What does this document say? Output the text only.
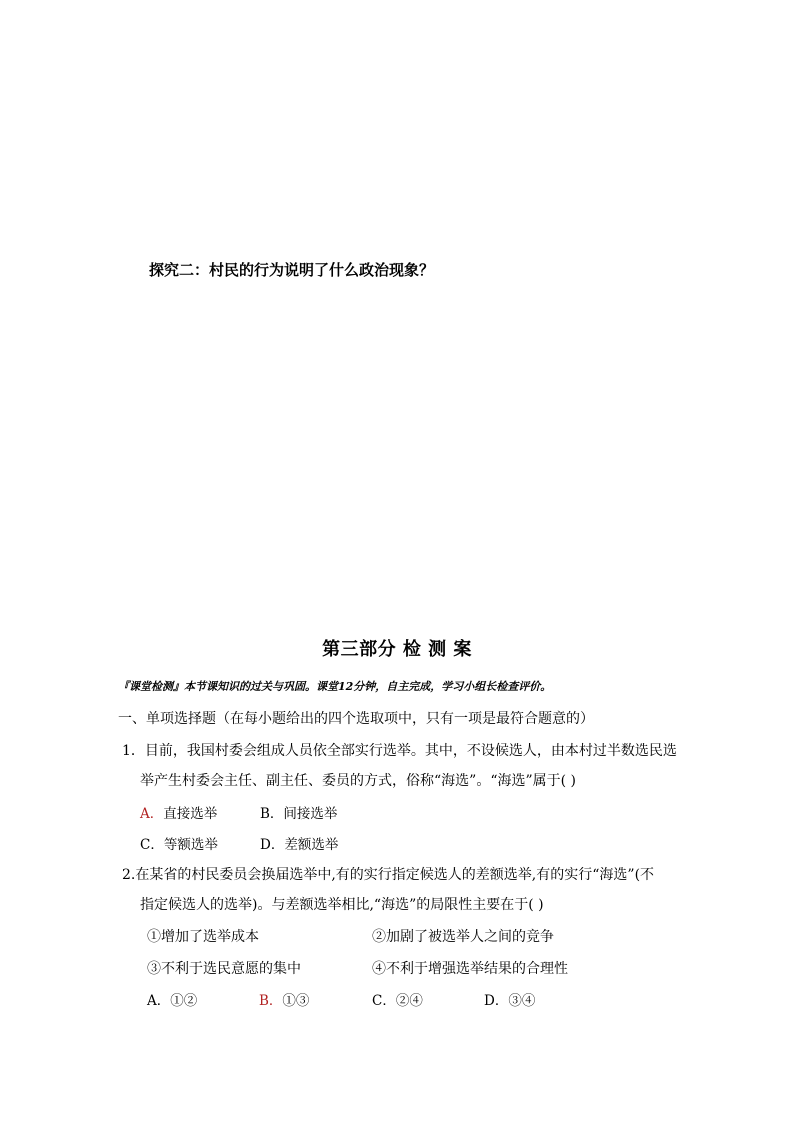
探究二：村民的行为说明了什么政治现象？
第三部分 检 测 案
『课堂检测』本节课知识的过关与巩固。课堂12分钟，自主完成，学习小组长检查评价。
一、单项选择题（在每小题给出的四个选取项中，只有一项是最符合题意的）
1．目前，我国村委会组成人员依全部实行选举。其中，不设候选人，由本村过半数选民选
举产生村委会主任、副主任、委员的方式，俗称“海选”。“海选”属于( )
A．直接选举	B．间接选举
C．等额选举	D．差额选举
2.在某省的村民委员会换届选举中,有的实行指定候选人的差额选举,有的实行“海选”(不
指定候选人的选举)。与差额选举相比,“海选”的局限性主要在于( )
①增加了选举成本	②加剧了被选举人之间的竞争
③不利于选民意愿的集中	④不利于增强选举结果的合理性
A．①②	B．①③	C．②④	D．③④
